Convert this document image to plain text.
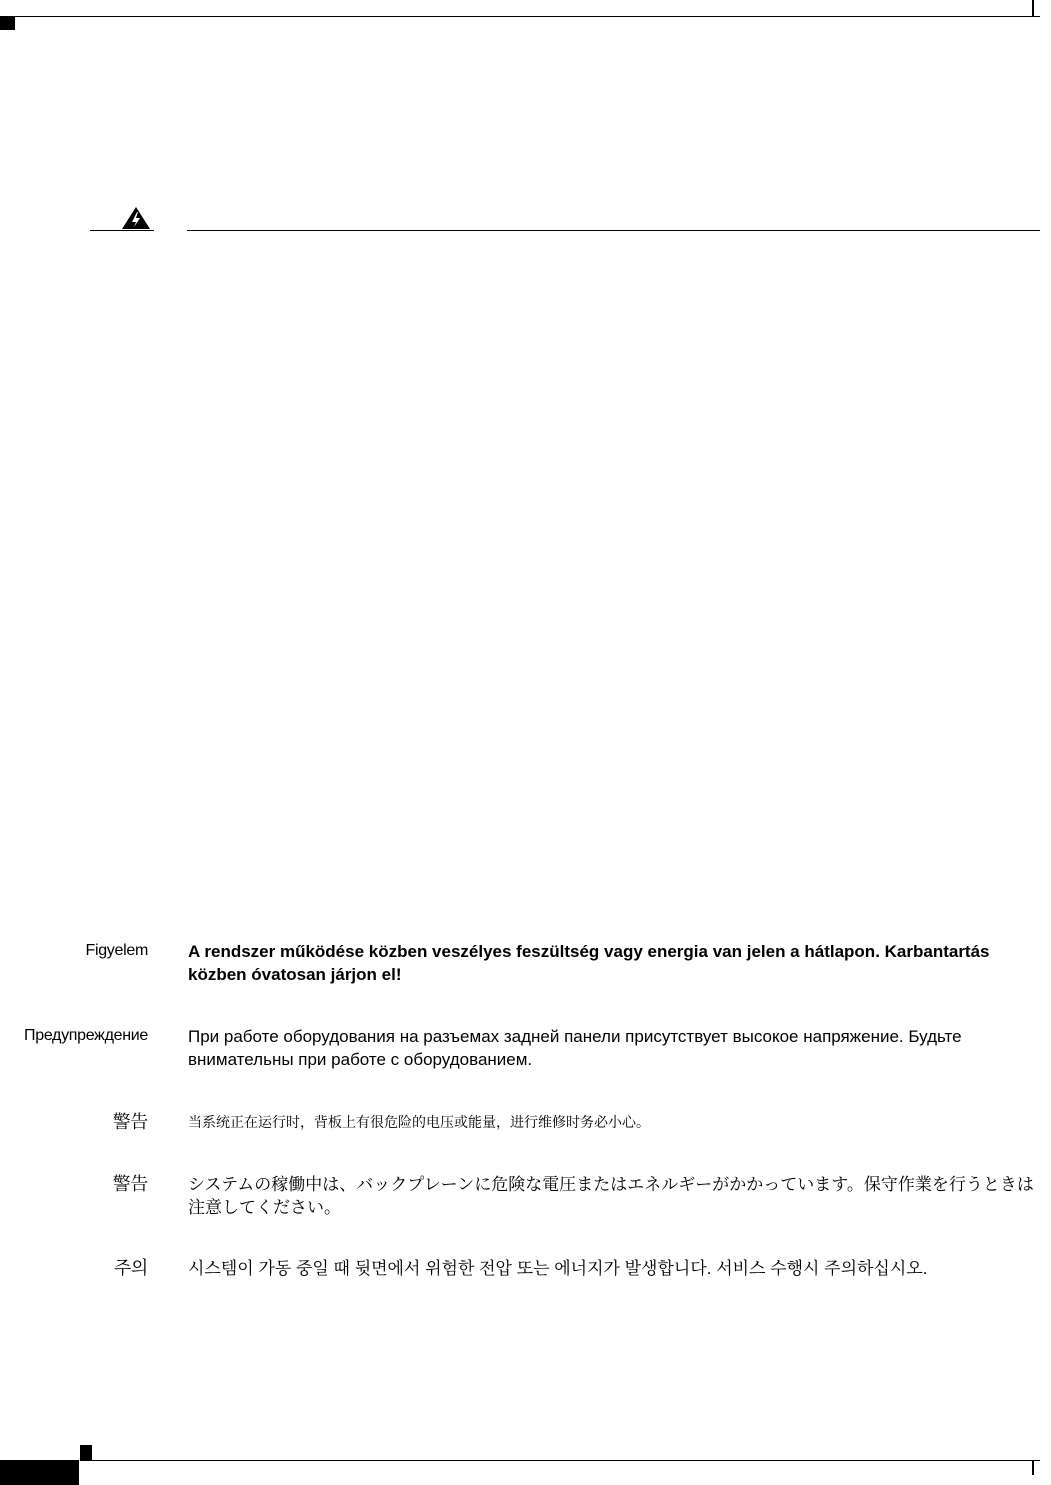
Figyelem A rendszer működése közben veszélyes feszültség vagy energia van jelen a hátlapon. Karbantartás közben óvatosan járjon el!
Предупреждение При работе оборудования на разъемах задней панели присутствует высокое напряжение. Будьте внимательны при работе с оборудованием.
警告	当系统正在运行时，背板上有很危险的电压或能量，进行维修时务必小心。
警告 システムの稼働中は、バックプレーンに危険な電圧またはエネルギーがかかっています。保守作業を行うときは注意してください。
주의 시스템이 가동 중일 때 뒷면에서 위험한 전압 또는 에너지가 발생합니다. 서비스 수행시 주의하십시오.
